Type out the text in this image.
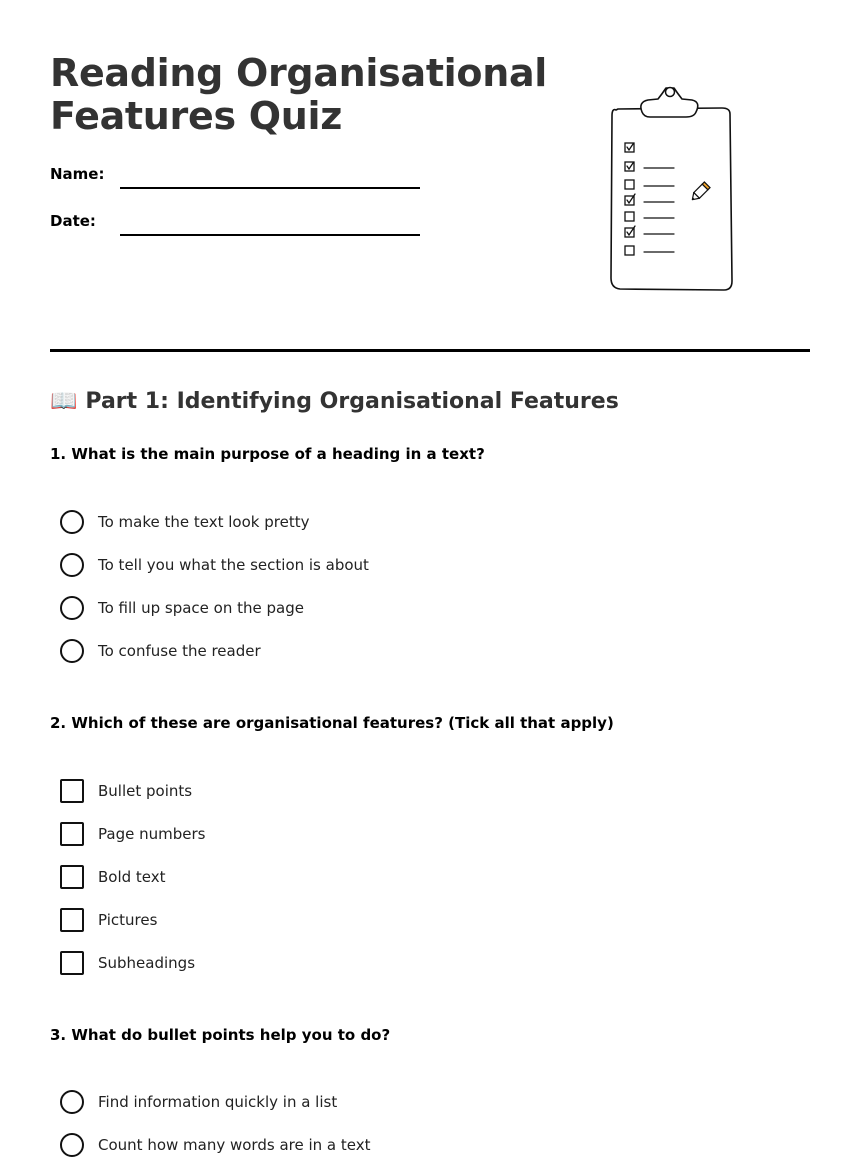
Reading Organisational
Features Quiz
Name:
Date:
📖 Part 1: Identifying Organisational Features
1. What is the main purpose of a heading in a text?
To make the text look pretty
To tell you what the section is about
To fill up space on the page
To confuse the reader
2. Which of these are organisational features? (Tick all that apply)
Bullet points
Page numbers
Bold text
Pictures
Subheadings
3. What do bullet points help you to do?
Find information quickly in a list
Count how many words are in a text
